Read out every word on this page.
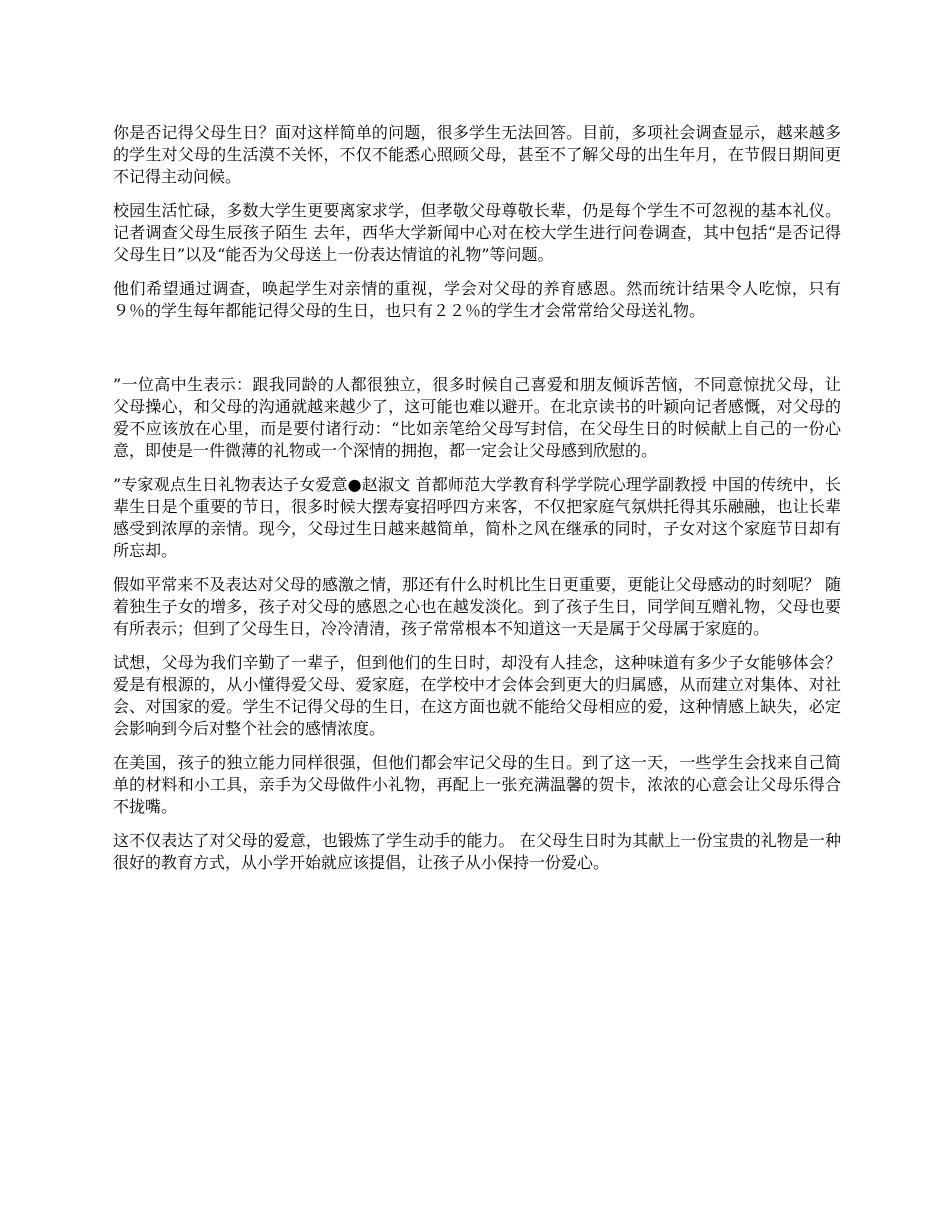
你是否记得父母生日？面对这样简单的问题，很多学生无法回答。目前，多项社会调查显示，越来越多的学生对父母的生活漠不关怀，不仅不能悉心照顾父母，甚至不了解父母的出生年月，在节假日期间更不记得主动问候。

校园生活忙碌，多数大学生更要离家求学，但孝敬父母尊敬长辈，仍是每个学生不可忽视的基本礼仪。记者调查父母生辰孩子陌生 去年，西华大学新闻中心对在校大学生进行问卷调查，其中包括“是否记得父母生日”以及“能否为父母送上一份表达情谊的礼物”等问题。

他们希望通过调查，唤起学生对亲情的重视，学会对父母的养育感恩。然而统计结果令人吃惊，只有９％的学生每年都能记得父母的生日，也只有２２％的学生才会常常给父母送礼物。

”一位高中生表示：跟我同龄的人都很独立，很多时候自己喜爱和朋友倾诉苦恼，不同意惊扰父母，让父母操心，和父母的沟通就越来越少了，这可能也难以避开。在北京读书的叶颖向记者感慨，对父母的爱不应该放在心里，而是要付诸行动：“比如亲笔给父母写封信，在父母生日的时候献上自己的一份心意，即使是一件微薄的礼物或一个深情的拥抱，都一定会让父母感到欣慰的。

”专家观点生日礼物表达子女爱意●赵淑文 首都师范大学教育科学学院心理学副教授 中国的传统中，长辈生日是个重要的节日，很多时候大摆寿宴招呼四方来客，不仅把家庭气氛烘托得其乐融融，也让长辈感受到浓厚的亲情。现今，父母过生日越来越简单，简朴之风在继承的同时，子女对这个家庭节日却有所忘却。

假如平常来不及表达对父母的感激之情，那还有什么时机比生日更重要，更能让父母感动的时刻呢？ 随着独生子女的增多，孩子对父母的感恩之心也在越发淡化。到了孩子生日，同学间互赠礼物，父母也要有所表示；但到了父母生日，冷冷清清，孩子常常根本不知道这一天是属于父母属于家庭的。

试想，父母为我们辛勤了一辈子，但到他们的生日时，却没有人挂念，这种味道有多少子女能够体会？ 爱是有根源的，从小懂得爱父母、爱家庭，在学校中才会体会到更大的归属感，从而建立对集体、对社会、对国家的爱。学生不记得父母的生日，在这方面也就不能给父母相应的爱，这种情感上缺失，必定会影响到今后对整个社会的感情浓度。

在美国，孩子的独立能力同样很强，但他们都会牢记父母的生日。到了这一天，一些学生会找来自己简单的材料和小工具，亲手为父母做件小礼物，再配上一张充满温馨的贺卡，浓浓的心意会让父母乐得合不拢嘴。

这不仅表达了对父母的爱意，也锻炼了学生动手的能力。 在父母生日时为其献上一份宝贵的礼物是一种很好的教育方式，从小学开始就应该提倡，让孩子从小保持一份爱心。
